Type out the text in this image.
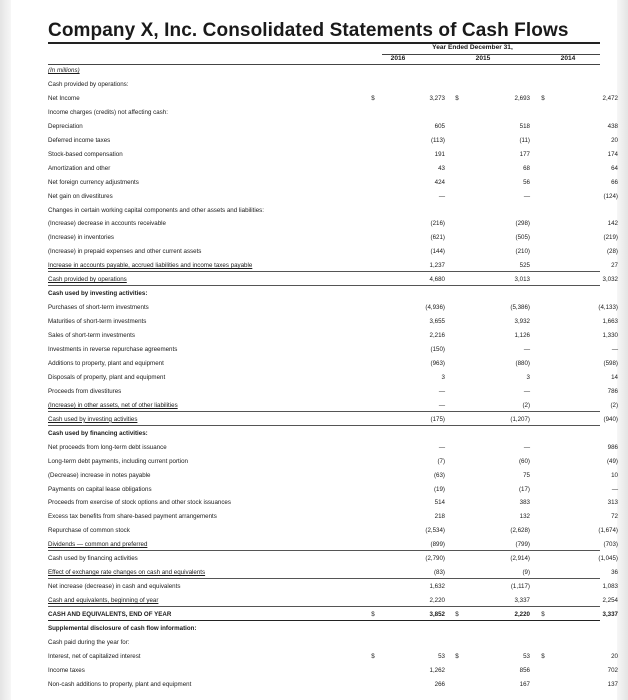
Company X, Inc. Consolidated Statements of Cash Flows
Year Ended December 31,
2016	2015	2014
(In millions)
Cash provided by operations:
Net Income	$	3,273	$	2,693	$	2,472
Income charges (credits) not affecting cash:
Depreciation	605	518	438
Deferred income taxes	(113)	(11)	20
Stock-based compensation	191	177	174
Amortization and other	43	68	64
Net foreign currency adjustments	424	56	66
Net gain on divestitures	—	—	(124)
Changes in certain working capital components and other assets and liabilities:
(Increase) decrease in accounts receivable	(216)	(298)	142
(Increase) in inventories	(621)	(505)	(219)
(Increase) in prepaid expenses and other current assets	(144)	(210)	(28)
Increase in accounts payable, accrued liabilities and income taxes payable	1,237	525	27
Cash provided by operations	4,680	3,013	3,032
Cash used by investing activities:
Purchases of short-term investments	(4,936)	(5,386)	(4,133)
Maturities of short-term investments	3,655	3,932	1,663
Sales of short-term investments	2,216	1,126	1,330
Investments in reverse repurchase agreements	(150)	—	—
Additions to property, plant and equipment	(963)	(880)	(598)
Disposals of property, plant and equipment	3	3	14
Proceeds from divestitures	—	—	786
(Increase) in other assets, net of other liabilities	—	(2)	(2)
Cash used by investing activities	(175)	(1,207)	(940)
Cash used by financing activities:
Net proceeds from long-term debt issuance	—	—	986
Long-term debt payments, including current portion	(7)	(60)	(49)
(Decrease) increase in notes payable	(63)	75	10
Payments on capital lease obligations	(19)	(17)	—
Proceeds from exercise of stock options and other stock issuances	514	383	313
Excess tax benefits from share-based payment arrangements	218	132	72
Repurchase of common stock	(2,534)	(2,628)	(1,674)
Dividends — common and preferred	(899)	(799)	(703)
Cash used by financing activities	(2,790)	(2,914)	(1,045)
Effect of exchange rate changes on cash and equivalents	(83)	(9)	36
Net increase (decrease) in cash and equivalents	1,632	(1,117)	1,083
Cash and equivalents, beginning of year	2,220	3,337	2,254
CASH AND EQUIVALENTS, END OF YEAR	$	3,852	$	2,220	$	3,337
Supplemental disclosure of cash flow information:
Cash paid during the year for:
Interest, net of capitalized interest	$	53	$	53	$	20
Income taxes	1,262	856	702
Non-cash additions to property, plant and equipment	266	167	137
